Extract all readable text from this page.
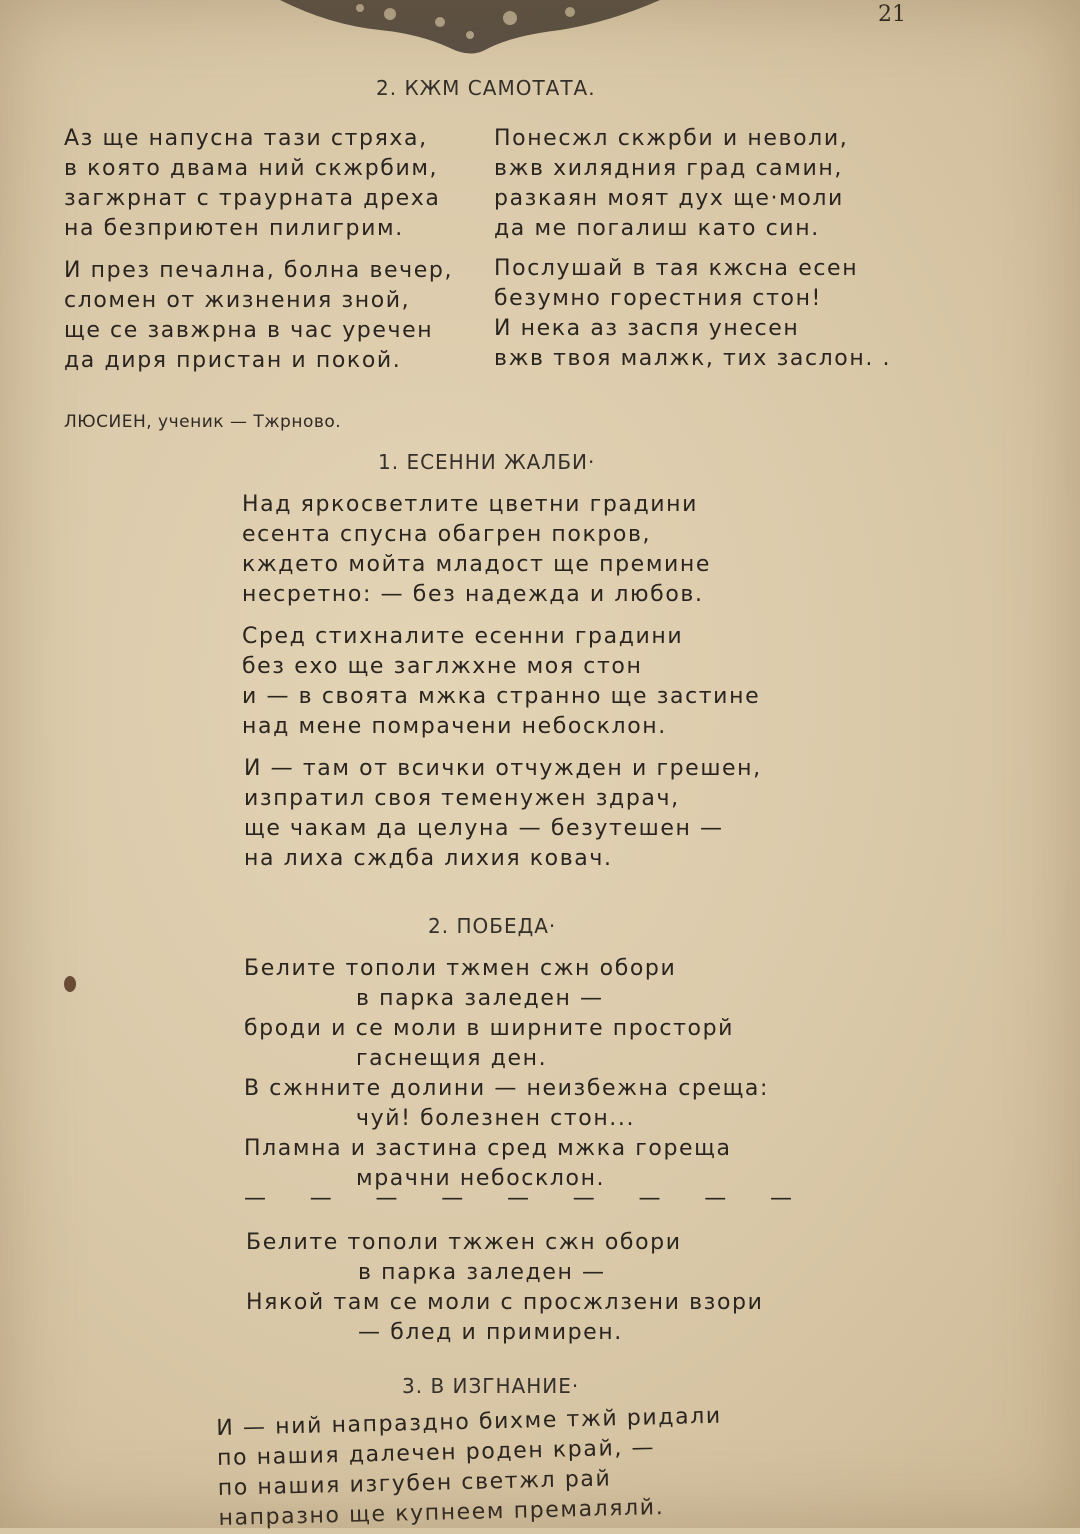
21
2. КЖМ САМОТАТА.
Аз ще напусна тази стряха,
в която двама ний скжрбим,
загжрнат с траурната дреха
на безприютен пилигрим.
И през печална, болна вечер,
сломен от жизнения зной,
ще се завжрна в час уречен
да диря пристан и покой.
Понесжл скжрби и неволи,
вжв хилядния град самин,
разкаян моят дух ще·моли
да ме погалиш като син.
Послушай в тая кжсна есен
безумно горестния стон!
И нека аз заспя унесен
вжв твоя малжк, тих заслон. .
ЛЮСИЕН, ученик — Тжрново.
1. ЕСЕННИ ЖАЛБИ·
Над яркосветлите цветни градини
есента спусна обагрен покров,
кждето мойта младост ще премине
несретно: — без надежда и любов.
Сред стихналите есенни градини
без ехо ще заглжхне моя стон
и — в своята мжка странно ще застине
над мене помрачени небосклон.
И — там от всички отчужден и грешен,
изпратил своя теменужен здрач,
ще чакам да целуна — безутешен —
на лиха сждба лихия ковач.
2. ПОБЕДА·
Белите тополи тжмен сжн обори
в парка заледен —
броди и се моли в ширните просторй
гаснещия ден.
В сжнните долини — неизбежна среща:
чуй! болезнен стон...
Пламна и застина сред мжка гореща
мрачни небосклон.
— — — — — — — — —
Белите тополи тжжен сжн обори
в парка заледен —
Някой там се моли с просжлзени взори
— блед и примирен.
3. В ИЗГНАНИЕ·
И — ний напраздно бихме тжй ридали
по нашия далечен роден край, —
по нашия изгубен светжл рай
напразно ще купнеем премалялй.
